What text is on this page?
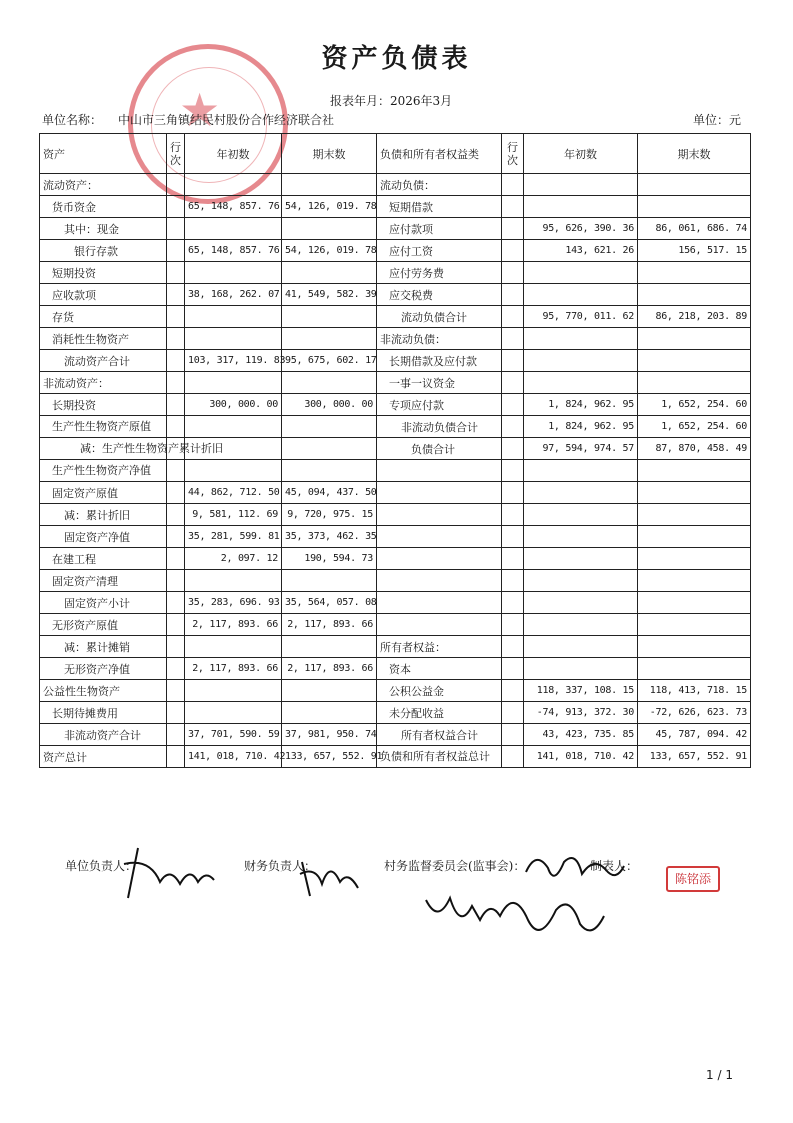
★
资产负债表
报表年月：2026年3月
单位名称： 中山市三角镇结民村股份合作经济联合社	单位：元
资产	行次	年初数	期末数	负债和所有者权益类	行次	年初数	期末数
流动资产：				流动负债：			
货币资金		65, 148, 857. 76	54, 126, 019. 78	短期借款			
其中：现金				应付款项		95, 626, 390. 36	86, 061, 686. 74
银行存款		65, 148, 857. 76	54, 126, 019. 78	应付工资		143, 621. 26	156, 517. 15
短期投资				应付劳务费			
应收款项		38, 168, 262. 07	41, 549, 582. 39	应交税费			
存货				流动负债合计		95, 770, 011. 62	86, 218, 203. 89
消耗性生物资产				非流动负债：			
流动资产合计		103, 317, 119. 83	95, 675, 602. 17	长期借款及应付款			
非流动资产：				一事一议资金			
长期投资		300, 000. 00	300, 000. 00	专项应付款		1, 824, 962. 95	1, 652, 254. 60
生产性生物资产原值				非流动负债合计		1, 824, 962. 95	1, 652, 254. 60
减：生产性生物资产累计折旧				负债合计		97, 594, 974. 57	87, 870, 458. 49
生产性生物资产净值							
固定资产原值		44, 862, 712. 50	45, 094, 437. 50				
减：累计折旧		9, 581, 112. 69	9, 720, 975. 15				
固定资产净值		35, 281, 599. 81	35, 373, 462. 35				
在建工程		2, 097. 12	190, 594. 73				
固定资产清理							
固定资产小计		35, 283, 696. 93	35, 564, 057. 08				
无形资产原值		2, 117, 893. 66	2, 117, 893. 66				
减：累计摊销				所有者权益：			
无形资产净值		2, 117, 893. 66	2, 117, 893. 66	资本			
公益性生物资产				公积公益金		118, 337, 108. 15	118, 413, 718. 15
长期待摊费用				未分配收益		-74, 913, 372. 30	-72, 626, 623. 73
非流动资产合计		37, 701, 590. 59	37, 981, 950. 74	所有者权益合计		43, 423, 735. 85	45, 787, 094. 42
资产总计		141, 018, 710. 42	133, 657, 552. 91	负债和所有者权益总计		141, 018, 710. 42	133, 657, 552. 91
单位负责人：	财务负责人：	村务监督委员会(监事会)：	制表人：
陈铭添
1 / 1
